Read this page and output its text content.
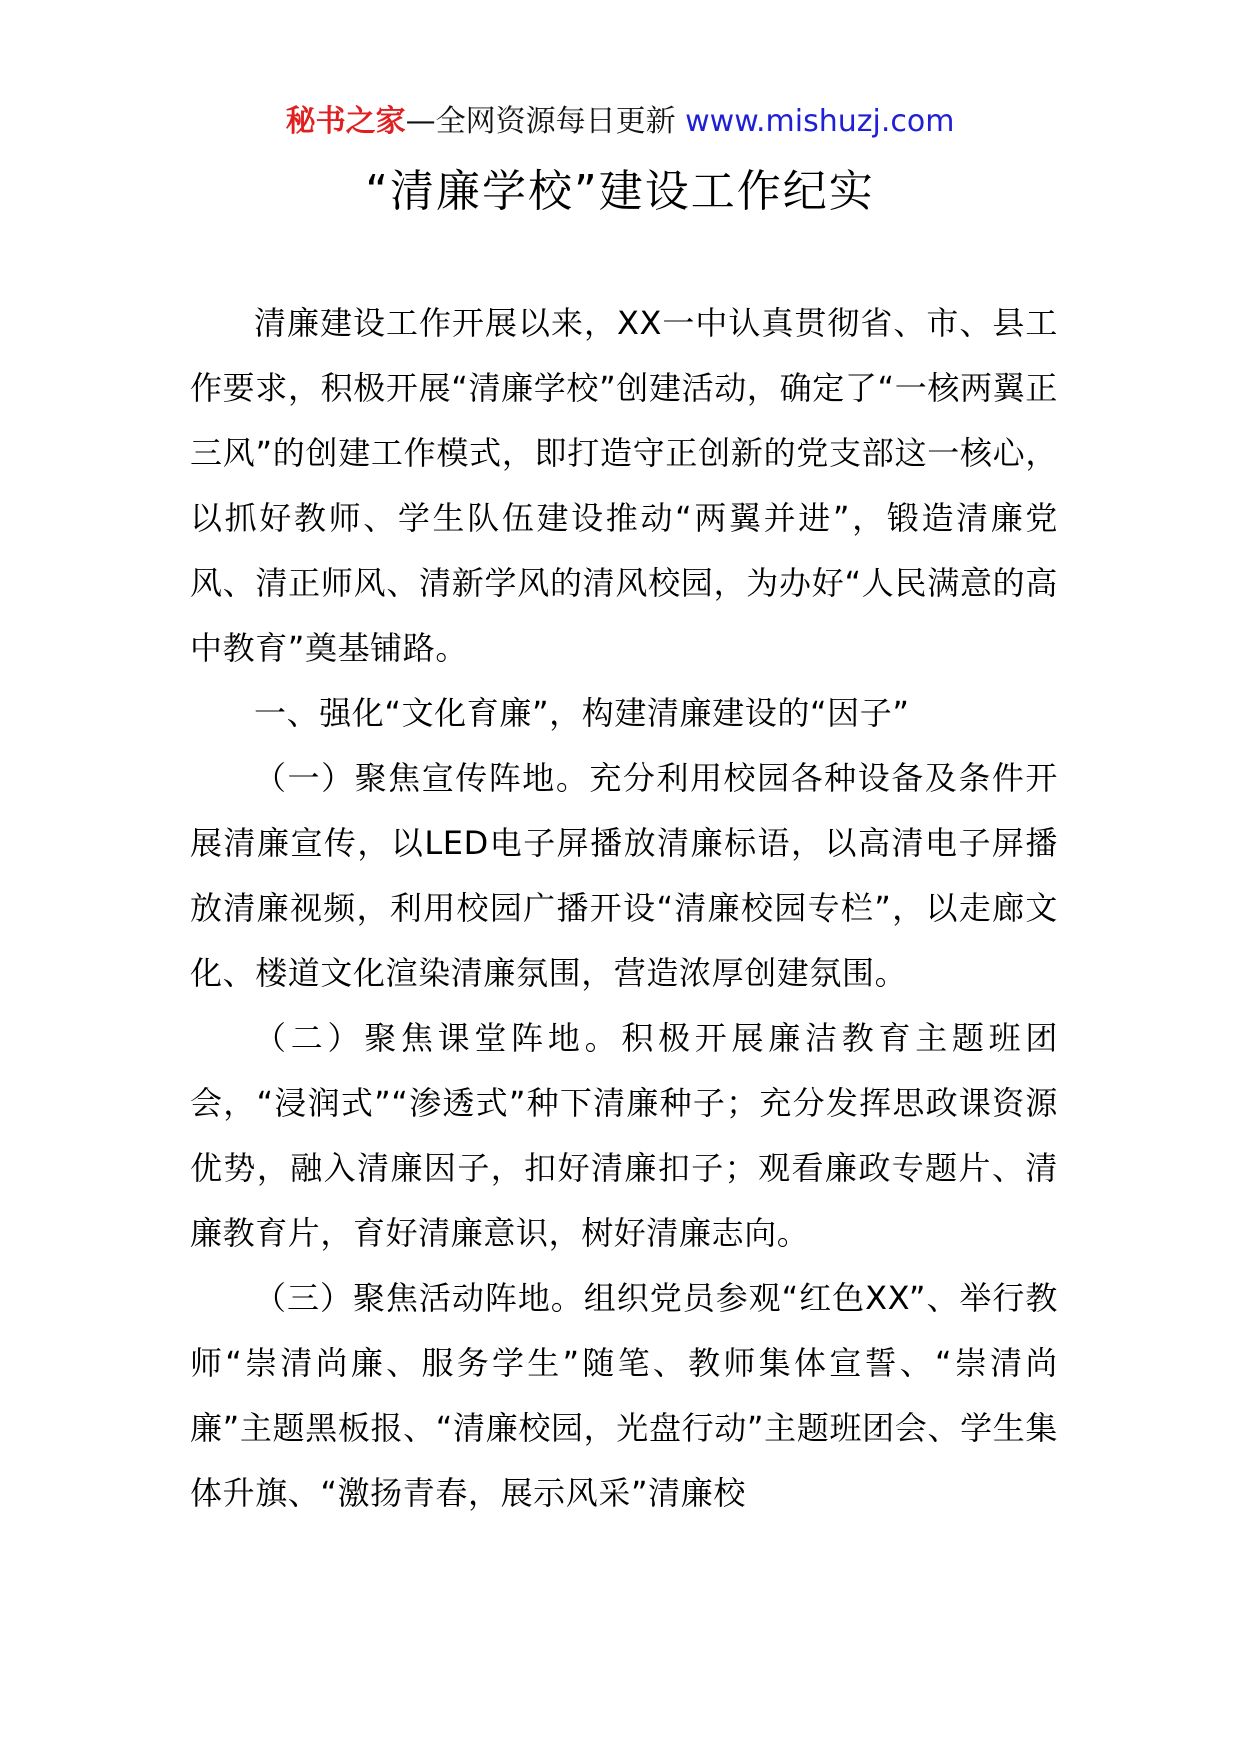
秘书之家—全网资源每日更新 www.mishuzj.com
“清廉学校”建设工作纪实

清廉建设工作开展以来，XX一中认真贯彻省、市、县工作要求，积极开展“清廉学校”创建活动，确定了“一核两翼正三风”的创建工作模式，即打造守正创新的党支部这一核心，以抓好教师、学生队伍建设推动“两翼并进”，锻造清廉党风、清正师风、清新学风的清风校园，为办好“人民满意的高中教育”奠基铺路。

一、强化“文化育廉”，构建清廉建设的“因子”

（一）聚焦宣传阵地。充分利用校园各种设备及条件开展清廉宣传，以LED电子屏播放清廉标语，以高清电子屏播放清廉视频，利用校园广播开设“清廉校园专栏”，以走廊文化、楼道文化渲染清廉氛围，营造浓厚创建氛围。

（二）聚焦课堂阵地。积极开展廉洁教育主题班团会，“浸润式”“渗透式”种下清廉种子；充分发挥思政课资源优势，融入清廉因子，扣好清廉扣子；观看廉政专题片、清廉教育片，育好清廉意识，树好清廉志向。

（三）聚焦活动阵地。组织党员参观“红色XX”、举行教师“崇清尚廉、服务学生”随笔、教师集体宣誓、“崇清尚廉”主题黑板报、“清廉校园，光盘行动”主题班团会、学生集体升旗、“激扬青春，展示风采”清廉校
